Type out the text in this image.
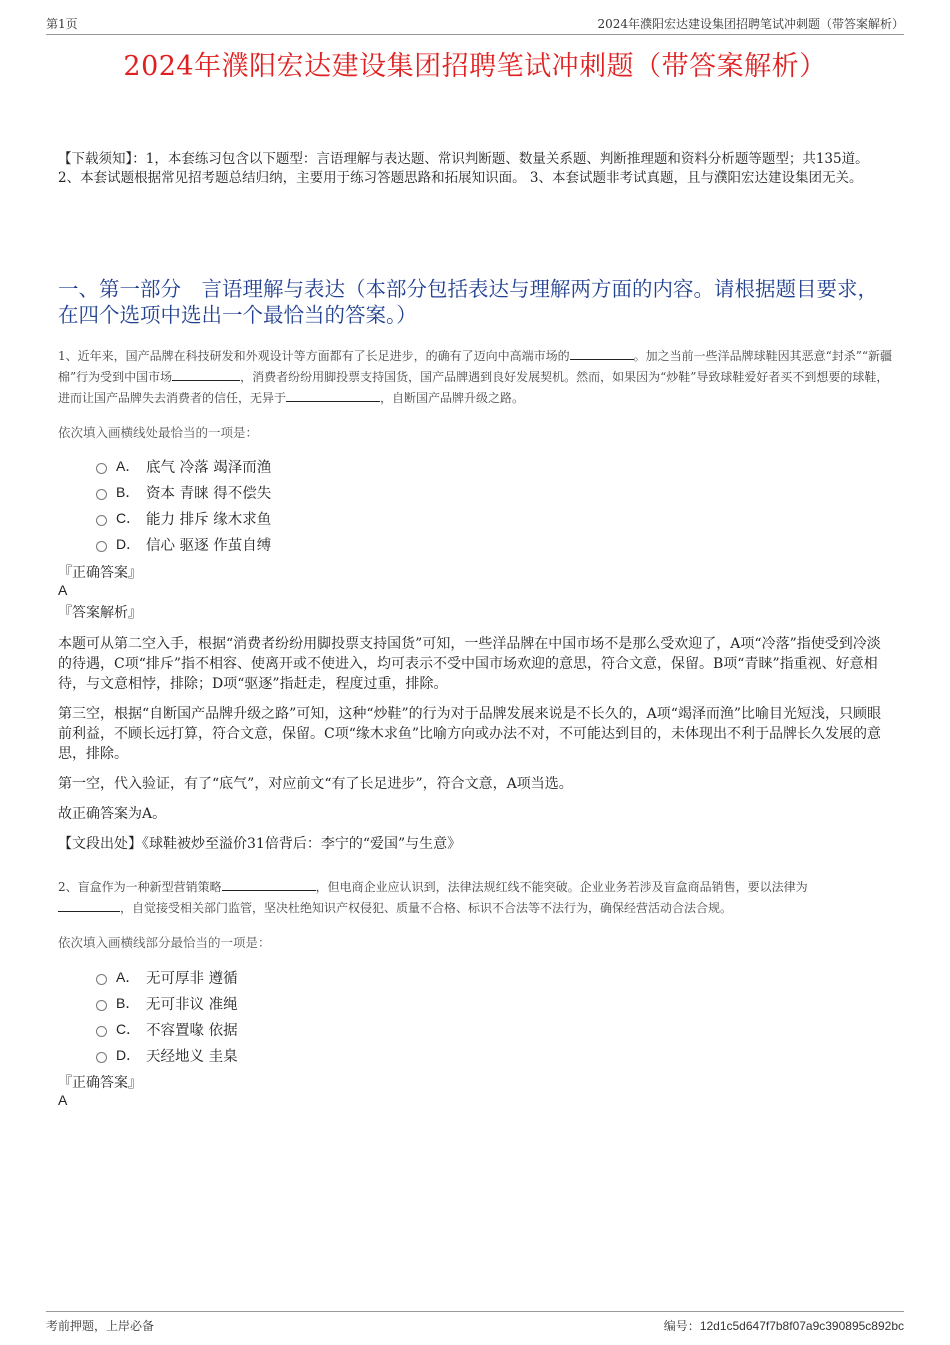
第1页	2024年濮阳宏达建设集团招聘笔试冲刺题（带答案解析）
2024年濮阳宏达建设集团招聘笔试冲刺题（带答案解析）
【下载须知】：1，本套练习包含以下题型：言语理解与表达题、常识判断题、数量关系题、判断推理题和资料分析题等题型；共135道。 2、本套试题根据常见招考题总结归纳，主要用于练习答题思路和拓展知识面。 3、本套试题非考试真题，且与濮阳宏达建设集团无关。
一、第一部分　言语理解与表达（本部分包括表达与理解两方面的内容。请根据题目要求，在四个选项中选出一个最恰当的答案。）
1、近年来，国产品牌在科技研发和外观设计等方面都有了长足进步，的确有了迈向中高端市场的	。加之当前一些洋品牌球鞋因其恶意“封杀”“新疆棉”行为受到中国市场	，消费者纷纷用脚投票支持国货，国产品牌遇到良好发展契机。然而，如果因为“炒鞋”导致球鞋爱好者买不到想要的球鞋，进而让国产品牌失去消费者的信任，无异于	，自断国产品牌升级之路。
依次填入画横线处最恰当的一项是：
A． 底气 冷落 竭泽而渔
B． 资本 青睐 得不偿失
C． 能力 排斥 缘木求鱼
D． 信心 驱逐 作茧自缚
『正确答案』
A
『答案解析』

本题可从第二空入手，根据“消费者纷纷用脚投票支持国货”可知，一些洋品牌在中国市场不是那么受欢迎了，A项“冷落”指使受到冷淡的待遇，C项“排斥”指不相容、使离开或不使进入，均可表示不受中国市场欢迎的意思，符合文意，保留。B项“青睐”指重视、好意相待，与文意相悖，排除；D项“驱逐”指赶走，程度过重，排除。

第三空，根据“自断国产品牌升级之路”可知，这种“炒鞋”的行为对于品牌发展来说是不长久的，A项“竭泽而渔”比喻目光短浅，只顾眼前利益，不顾长远打算，符合文意，保留。C项“缘木求鱼”比喻方向或办法不对，不可能达到目的，未体现出不利于品牌长久发展的意思，排除。

第一空，代入验证，有了“底气”，对应前文“有了长足进步”，符合文意，A项当选。

故正确答案为A。

【文段出处】《球鞋被炒至溢价31倍背后：李宁的“爱国”与生意》

2、盲盒作为一种新型营销策略	，但电商企业应认识到，法律法规红线不能突破。企业业务若涉及盲盒商品销售，要以法律为
，自觉接受相关部门监管，坚决杜绝知识产权侵犯、质量不合格、标识不合法等不法行为，确保经营活动合法合规。
依次填入画横线部分最恰当的一项是：
A． 无可厚非 遵循
B． 无可非议 准绳
C． 不容置喙 依据
D． 天经地义 圭臬
『正确答案』
A
考前押题，上岸必备	编号：12d1c5d647f7b8f07a9c390895c892bc
